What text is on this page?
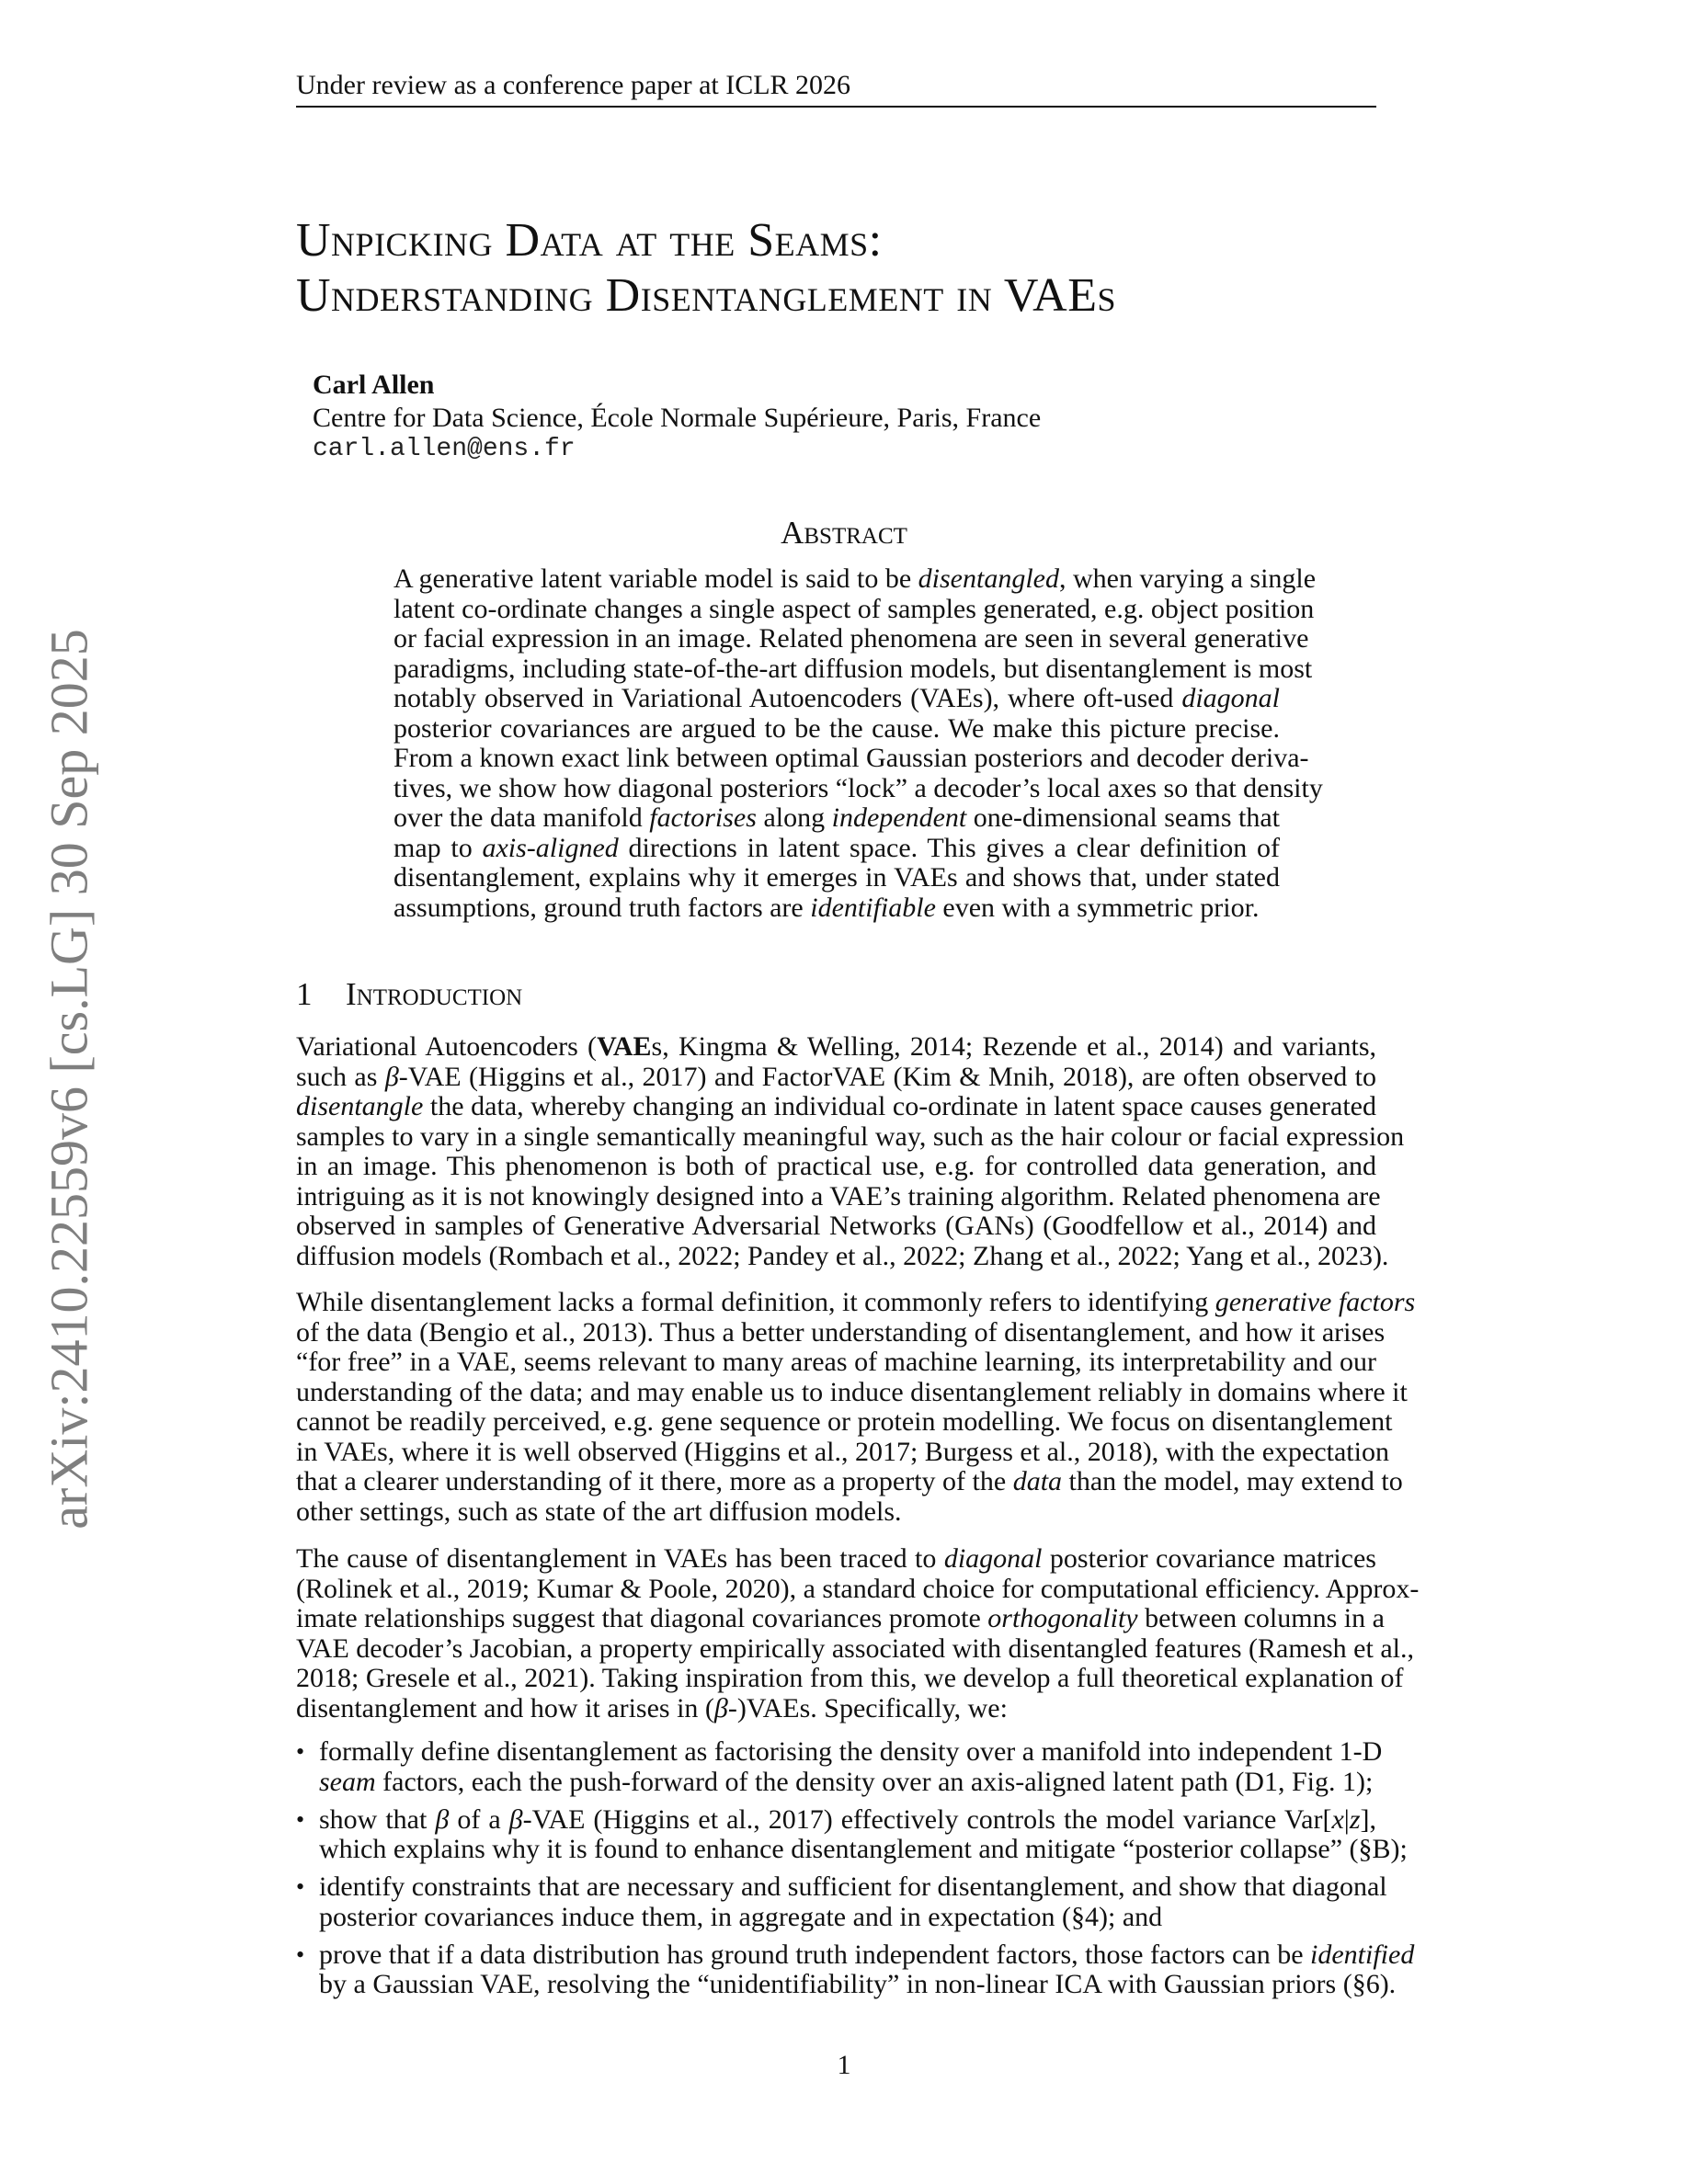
Under review as a conference paper at ICLR 2026
arXiv:2410.22559v6 [cs.LG] 30 Sep 2025
Unpicking Data at the Seams:
Understanding Disentanglement in VAEs
Carl Allen
Centre for Data Science, École Normale Supérieure, Paris, France
carl.allen@ens.fr
Abstract
A generative latent variable model is said to be disentangled, when varying a single
latent co-ordinate changes a single aspect of samples generated, e.g. object position
or facial expression in an image. Related phenomena are seen in several generative
paradigms, including state-of-the-art diffusion models, but disentanglement is most
notably observed in Variational Autoencoders (VAEs), where oft-used diagonal
posterior covariances are argued to be the cause. We make this picture precise.
From a known exact link between optimal Gaussian posteriors and decoder deriva-
tives, we show how diagonal posteriors “lock” a decoder’s local axes so that density
over the data manifold factorises along independent one-dimensional seams that
map to axis-aligned directions in latent space. This gives a clear definition of
disentanglement, explains why it emerges in VAEs and shows that, under stated
assumptions, ground truth factors are identifiable even with a symmetric prior.
1 Introduction
Variational Autoencoders (VAEs, Kingma & Welling, 2014; Rezende et al., 2014) and variants,
such as β-VAE (Higgins et al., 2017) and FactorVAE (Kim & Mnih, 2018), are often observed to
disentangle the data, whereby changing an individual co-ordinate in latent space causes generated
samples to vary in a single semantically meaningful way, such as the hair colour or facial expression
in an image. This phenomenon is both of practical use, e.g. for controlled data generation, and
intriguing as it is not knowingly designed into a VAE’s training algorithm. Related phenomena are
observed in samples of Generative Adversarial Networks (GANs) (Goodfellow et al., 2014) and
diffusion models (Rombach et al., 2022; Pandey et al., 2022; Zhang et al., 2022; Yang et al., 2023).
While disentanglement lacks a formal definition, it commonly refers to identifying generative factors
of the data (Bengio et al., 2013). Thus a better understanding of disentanglement, and how it arises
“for free” in a VAE, seems relevant to many areas of machine learning, its interpretability and our
understanding of the data; and may enable us to induce disentanglement reliably in domains where it
cannot be readily perceived, e.g. gene sequence or protein modelling. We focus on disentanglement
in VAEs, where it is well observed (Higgins et al., 2017; Burgess et al., 2018), with the expectation
that a clearer understanding of it there, more as a property of the data than the model, may extend to
other settings, such as state of the art diffusion models.
The cause of disentanglement in VAEs has been traced to diagonal posterior covariance matrices
(Rolinek et al., 2019; Kumar & Poole, 2020), a standard choice for computational efficiency. Approx-
imate relationships suggest that diagonal covariances promote orthogonality between columns in a
VAE decoder’s Jacobian, a property empirically associated with disentangled features (Ramesh et al.,
2018; Gresele et al., 2021). Taking inspiration from this, we develop a full theoretical explanation of
disentanglement and how it arises in (β-)VAEs. Specifically, we:
• formally define disentanglement as factorising the density over a manifold into independent 1-D
seam factors, each the push-forward of the density over an axis-aligned latent path (D1, Fig. 1);
• show that β of a β-VAE (Higgins et al., 2017) effectively controls the model variance Var[x|z],
which explains why it is found to enhance disentanglement and mitigate “posterior collapse” (§B);
• identify constraints that are necessary and sufficient for disentanglement, and show that diagonal
posterior covariances induce them, in aggregate and in expectation (§4); and
• prove that if a data distribution has ground truth independent factors, those factors can be identified
by a Gaussian VAE, resolving the “unidentifiability” in non-linear ICA with Gaussian priors (§6).
1
